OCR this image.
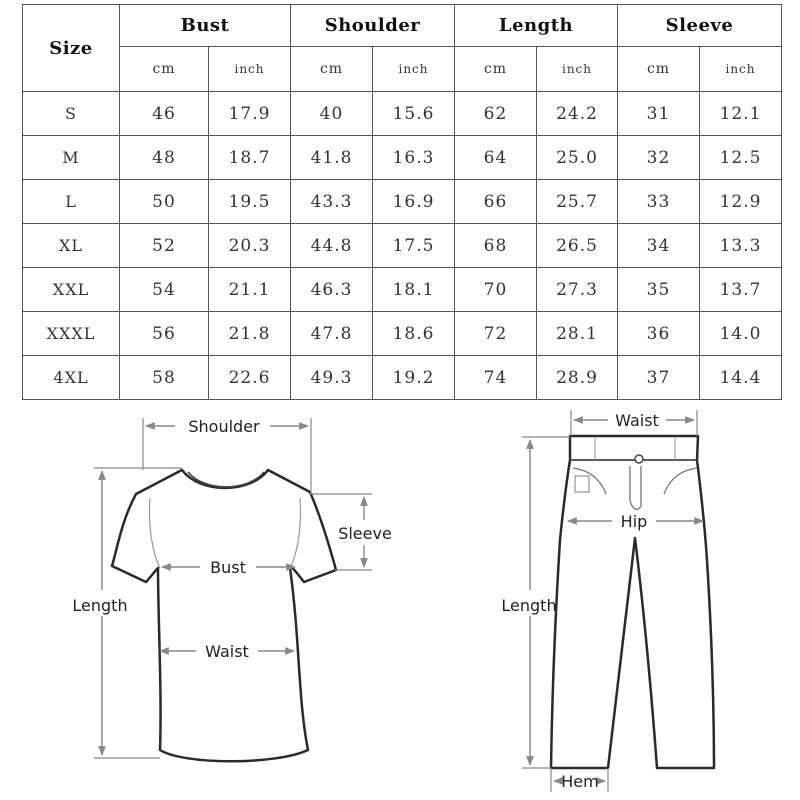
Size	Bust		Shoulder		Length		Sleeve	
	cm	inch	cm	inch	cm	inch	cm	inch
S	46	17.9	40	15.6	62	24.2	31	12.1
M	48	18.7	41.8	16.3	64	25.0	32	12.5
L	50	19.5	43.3	16.9	66	25.7	33	12.9
XL	52	20.3	44.8	17.5	68	26.5	34	13.3
XXL	54	21.1	46.3	18.1	70	27.3	35	13.7
XXXL	56	21.8	47.8	18.6	72	28.1	36	14.0
4XL	58	22.6	49.3	19.2	74	28.9	37	14.4
Shoulder
Sleeve
Bust
Waist
Length
Waist
Hip
Length
Hem
